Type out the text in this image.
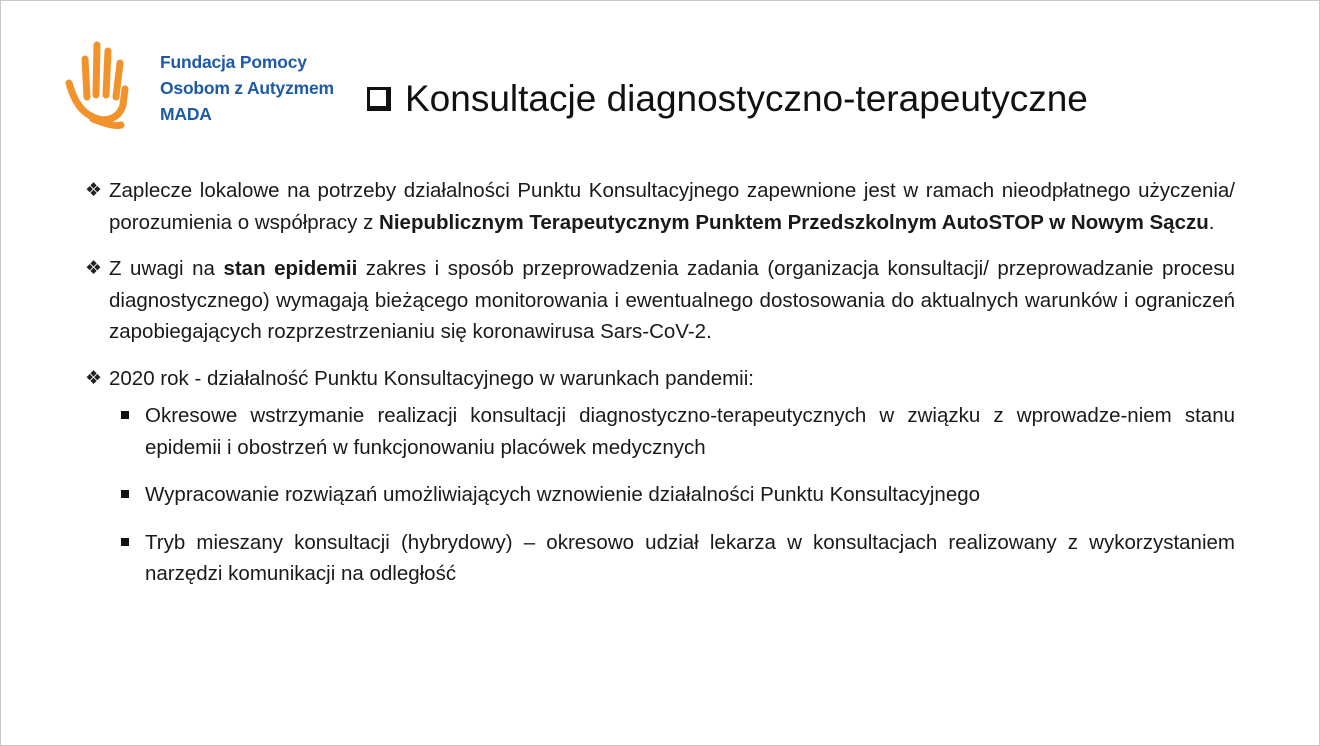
Fundacja Pomocy
Osobom z Autyzmem
MADA	Konsultacje diagnostyczno-terapeutyczne
❖ Zaplecze lokalowe na potrzeby działalności Punktu Konsultacyjnego zapewnione jest w ramach nieodpłatnego użyczenia/ porozumienia o współpracy z Niepublicznym Terapeutycznym Punktem Przedszkolnym AutoSTOP w Nowym Sączu.
❖ Z uwagi na stan epidemii zakres i sposób przeprowadzenia zadania (organizacja konsultacji/ przeprowadzanie procesu diagnostycznego) wymagają bieżącego monitorowania i ewentualnego dostosowania do aktualnych warunków i ograniczeń zapobiegających rozprzestrzenianiu się koronawirusa Sars-CoV-2.
❖ 2020 rok - działalność Punktu Konsultacyjnego w warunkach pandemii:
Okresowe wstrzymanie realizacji konsultacji diagnostyczno-terapeutycznych w związku z wprowadze-niem stanu epidemii i obostrzeń w funkcjonowaniu placówek medycznych
Wypracowanie rozwiązań umożliwiających wznowienie działalności Punktu Konsultacyjnego
Tryb mieszany konsultacji (hybrydowy) – okresowo udział lekarza w konsultacjach realizowany z wykorzystaniem narzędzi komunikacji na odległość
